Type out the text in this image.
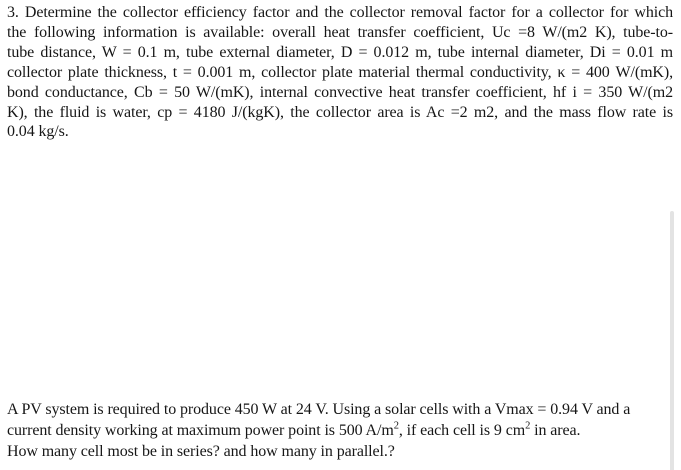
3. Determine the collector efficiency factor and the collector removal factor for a collector for which
the following information is available: overall heat transfer coefficient, Uc =8 W/(m2 K), tube-to-
tube distance, W = 0.1 m, tube external diameter, D = 0.012 m, tube internal diameter, Di = 0.01 m
collector plate thickness, t = 0.001 m, collector plate material thermal conductivity, κ = 400 W/(mK),
bond conductance, Cb = 50 W/(mK), internal convective heat transfer coefficient, hf i = 350 W/(m2
K), the fluid is water, cp = 4180 J/(kgK), the collector area is Ac =2 m2, and the mass flow rate is
0.04 kg/s.
A PV system is required to produce 450 W at 24 V. Using a solar cells with a Vmax = 0.94 V and a
current density working at maximum power point is 500 $A/m^2$, if each cell is 9 $cm^2$ in area.
How many cell most be in series? and how many in parallel.?
